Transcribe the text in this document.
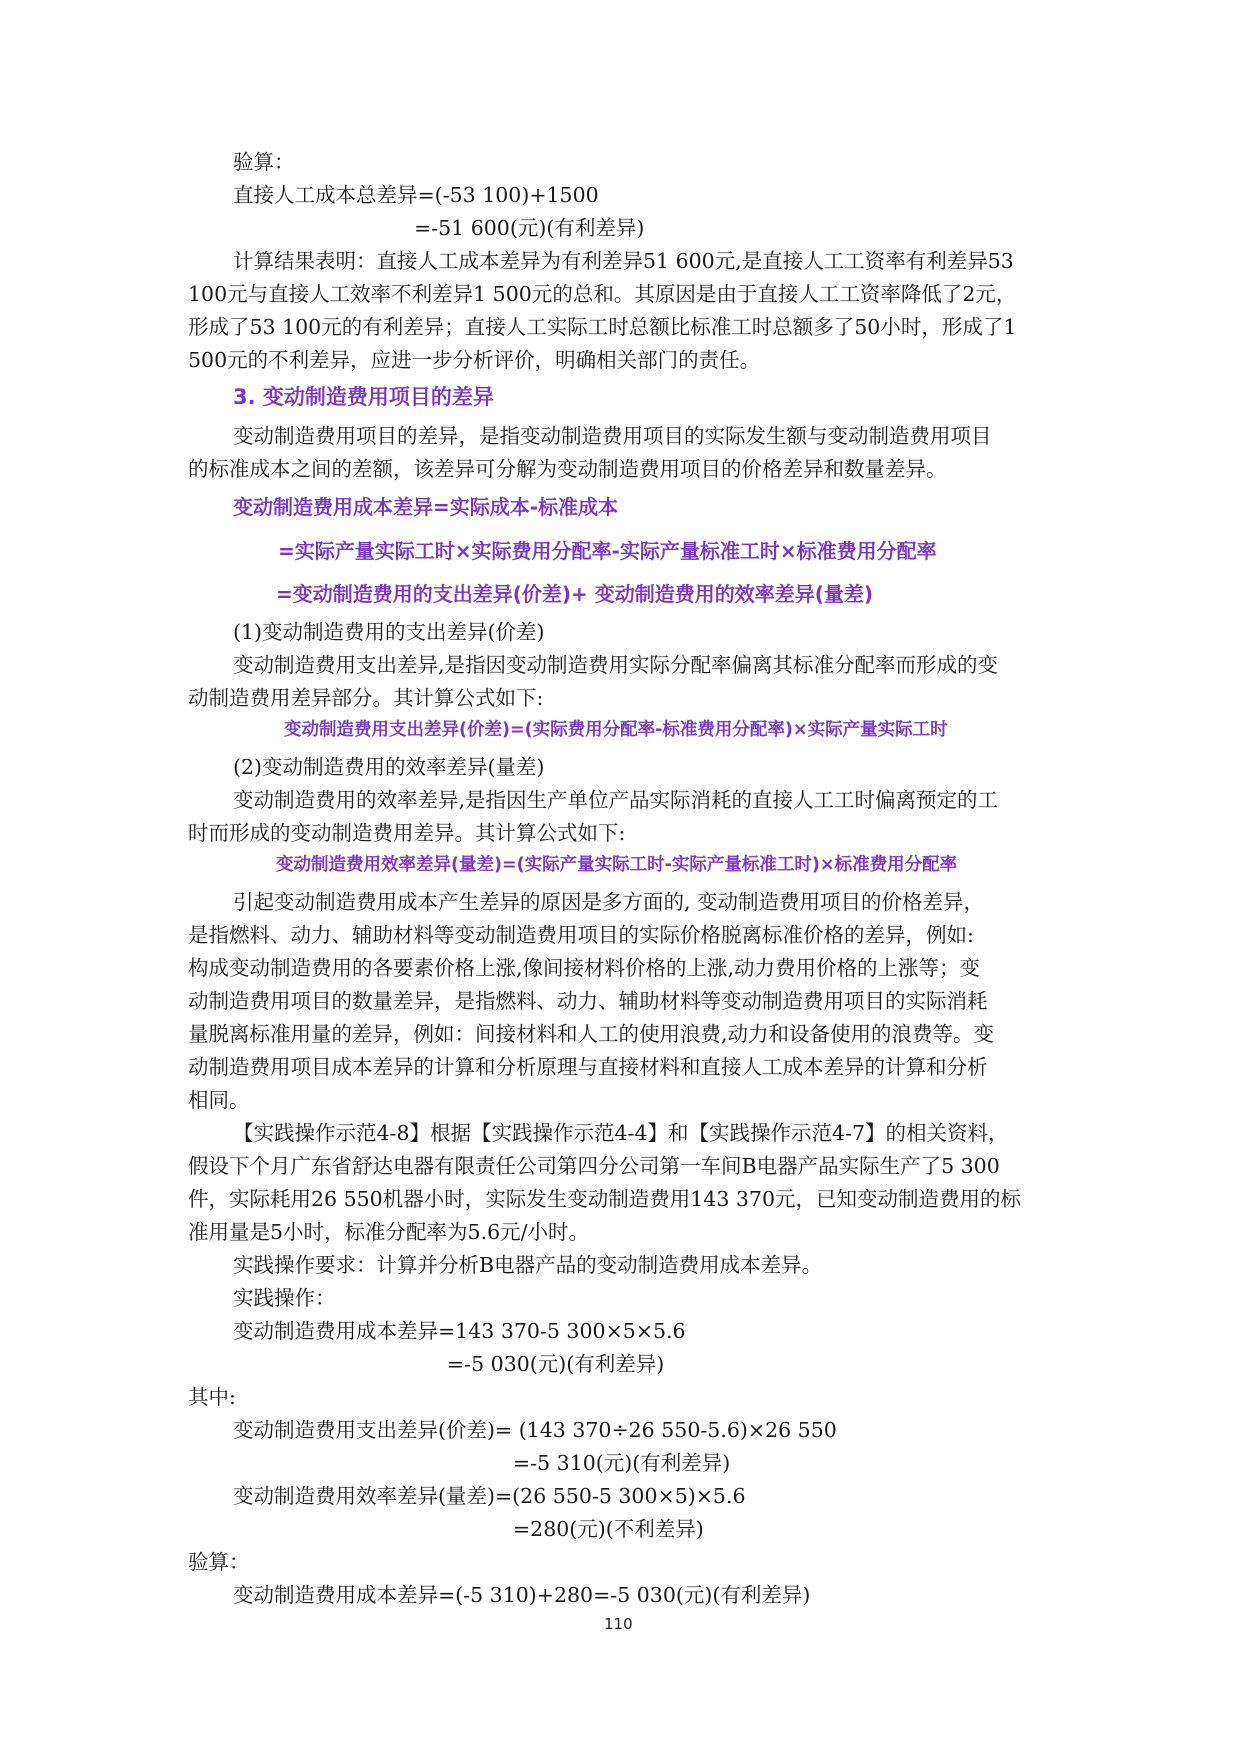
验算：

直接人工成本总差异=(-53 100)+1500

=-51 600(元)(有利差异)

计算结果表明：直接人工成本差异为有利差异51 600元,是直接人工工资率有利差异53

100元与直接人工效率不利差异1 500元的总和。其原因是由于直接人工工资率降低了2元，

形成了53 100元的有利差异；直接人工实际工时总额比标准工时总额多了50小时，形成了1

500元的不利差异，应进一步分析评价，明确相关部门的责任。

3. 变动制造费用项目的差异

变动制造费用项目的差异，是指变动制造费用项目的实际发生额与变动制造费用项目

的标准成本之间的差额，该差异可分解为变动制造费用项目的价格差异和数量差异。

变动制造费用成本差异=实际成本-标准成本

=实际产量实际工时×实际费用分配率-实际产量标准工时×标准费用分配率

=变动制造费用的支出差异(价差)+ 变动制造费用的效率差异(量差)

(1)变动制造费用的支出差异(价差)

变动制造费用支出差异,是指因变动制造费用实际分配率偏离其标准分配率而形成的变

动制造费用差异部分。其计算公式如下:

变动制造费用支出差异(价差)=(实际费用分配率-标准费用分配率)×实际产量实际工时

(2)变动制造费用的效率差异(量差)

变动制造费用的效率差异,是指因生产单位产品实际消耗的直接人工工时偏离预定的工

时而形成的变动制造费用差异。其计算公式如下:

变动制造费用效率差异(量差)=(实际产量实际工时-实际产量标准工时)×标准费用分配率

引起变动制造费用成本产生差异的原因是多方面的, 变动制造费用项目的价格差异，

是指燃料、动力、辅助材料等变动制造费用项目的实际价格脱离标准价格的差异，例如:

构成变动制造费用的各要素价格上涨,像间接材料价格的上涨,动力费用价格的上涨等；变

动制造费用项目的数量差异，是指燃料、动力、辅助材料等变动制造费用项目的实际消耗

量脱离标准用量的差异，例如：间接材料和人工的使用浪费,动力和设备使用的浪费等。变

动制造费用项目成本差异的计算和分析原理与直接材料和直接人工成本差异的计算和分析

相同。

【实践操作示范4-8】根据【实践操作示范4-4】和【实践操作示范4-7】的相关资料，

假设下个月广东省舒达电器有限责任公司第四分公司第一车间B电器产品实际生产了5 300

件，实际耗用26 550机器小时，实际发生变动制造费用143 370元，已知变动制造费用的标

准用量是5小时，标准分配率为5.6元/小时。

实践操作要求：计算并分析B电器产品的变动制造费用成本差异。

实践操作：

变动制造费用成本差异=143 370-5 300×5×5.6

=-5 030(元)(有利差异)

其中:

变动制造费用支出差异(价差)= (143 370÷26 550-5.6)×26 550

=-5 310(元)(有利差异)

变动制造费用效率差异(量差)=(26 550-5 300×5)×5.6

=280(元)(不利差异)

验算：

变动制造费用成本差异=(-5 310)+280=-5 030(元)(有利差异)

110
